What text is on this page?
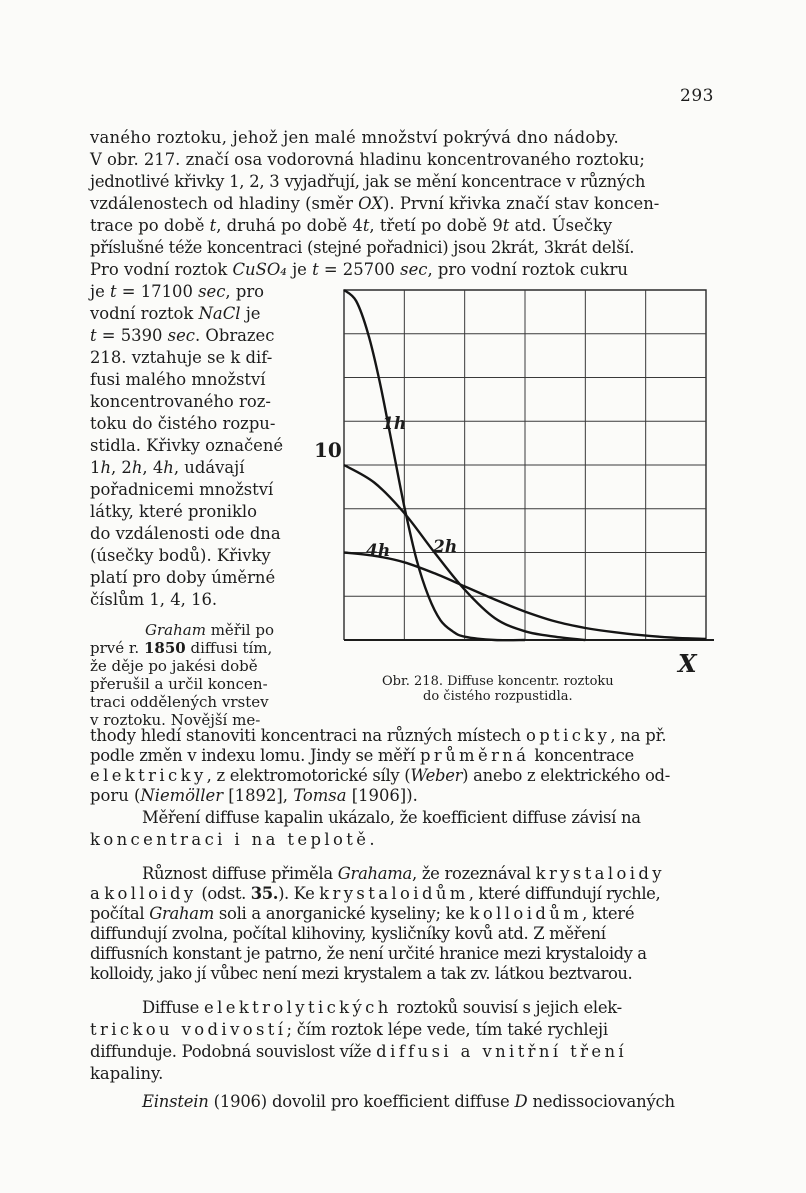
293
vaného roztoku, jehož jen malé množství pokrývá dno nádoby.
V obr. 217. značí osa vodorovná hladinu koncentrovaného roztoku;
jednotlivé křivky 1, 2, 3 vyjadřují, jak se mění koncentrace v různých
vzdálenostech od hladiny (směr OX). První křivka značí stav koncen-
trace po době t, druhá po době 4t, třetí po době 9t atd. Úsečky
příslušné téže koncentraci (stejné pořadnici) jsou 2krát, 3krát delší.
Pro vodní roztok CuSO₄ je t = 25700 sec, pro vodní roztok cukru
je t = 17100 sec, pro
vodní roztok NaCl je
t = 5390 sec. Obrazec
218. vztahuje se k dif-
fusi malého množství
koncentrovaného roz-
toku do čistého rozpu-
stidla. Křivky označené
1h, 2h, 4h, udávají
pořadnicemi množství
látky, které proniklo
do vzdálenosti ode dna
(úsečky bodů). Křivky
platí pro doby úměrné
číslům 1, 4, 16.
Graham měřil po
prvé r. 1850 diffusi tím,
že děje po jakési době
přerušil a určil koncen-
traci oddělených vrstev
v roztoku. Novější me-
10
X
1h
2h
4h
Obr. 218. Diffuse koncentr. roztoku
do čistého rozpustidla.
thody hledí stanoviti koncentraci na různých místech opticky, na př.
podle změn v indexu lomu. Jindy se měří průměrná koncentrace
elektricky, z elektromotorické síly (Weber) anebo z elektrického od-
poru (Niemöller [1892], Tomsa [1906]).
Měření diffuse kapalin ukázalo, že koefficient diffuse závisí na
koncentraci i na teplotě.
Různost diffuse přiměla Grahama, že rozeznával krystaloidy
a kolloidy (odst. 35.). Ke krystaloidům, které diffundují rychle,
počítal Graham soli a anorganické kyseliny; ke kolloidům, které
diffundují zvolna, počítal klihoviny, kysličníky kovů atd. Z měření
diffusních konstant je patrno, že není určité hranice mezi krystaloidy a
kolloidy, jako jí vůbec není mezi krystalem a tak zv. látkou beztvarou.
Diffuse elektrolytických roztoků souvisí s jejich elek-
trickou vodivostí; čím roztok lépe vede, tím také rychleji
diffunduje. Podobná souvislost víže diffusi a vnitřní tření
kapaliny.
Einstein (1906) dovolil pro koefficient diffuse D nedissociovaných
